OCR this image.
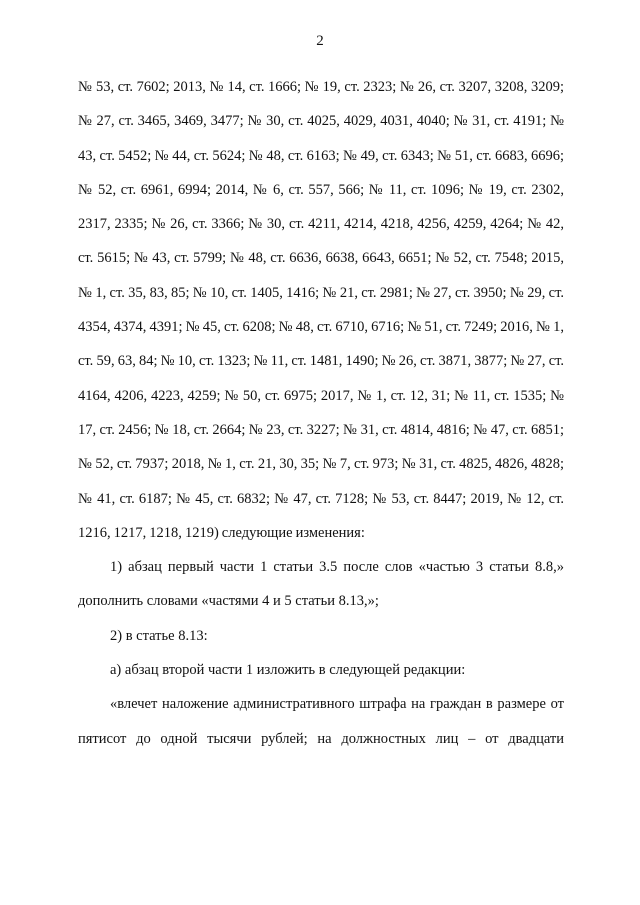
2

№ 53, ст. 7602; 2013, № 14, ст. 1666; № 19, ст. 2323; № 26, ст. 3207, 3208, 3209; № 27, ст. 3465, 3469, 3477; № 30, ст. 4025, 4029, 4031, 4040; № 31, ст. 4191; № 43, ст. 5452; № 44, ст. 5624; № 48, ст. 6163; № 49, ст. 6343; № 51, ст. 6683, 6696; № 52, ст. 6961, 6994; 2014, № 6, ст. 557, 566; № 11, ст. 1096; № 19, ст. 2302, 2317, 2335; № 26, ст. 3366; № 30, ст. 4211, 4214, 4218, 4256, 4259, 4264; № 42, ст. 5615; № 43, ст. 5799; № 48, ст. 6636, 6638, 6643, 6651; № 52, ст. 7548; 2015, № 1, ст. 35, 83, 85; № 10, ст. 1405, 1416; № 21, ст. 2981; № 27, ст. 3950; № 29, ст. 4354, 4374, 4391; № 45, ст. 6208; № 48, ст. 6710, 6716; № 51, ст. 7249; 2016, № 1, ст. 59, 63, 84; № 10, ст. 1323; № 11, ст. 1481, 1490; № 26, ст. 3871, 3877; № 27, ст. 4164, 4206, 4223, 4259; № 50, ст. 6975; 2017, № 1, ст. 12, 31; № 11, ст. 1535; № 17, ст. 2456; № 18, ст. 2664; № 23, ст. 3227; № 31, ст. 4814, 4816; № 47, ст. 6851; № 52, ст. 7937; 2018, № 1, ст. 21, 30, 35; № 7, ст. 973; № 31, ст. 4825, 4826, 4828; № 41, ст. 6187; № 45, ст. 6832; № 47, ст. 7128; № 53, ст. 8447; 2019, № 12, ст. 1216, 1217, 1218, 1219) следующие изменения:

1) абзац первый части 1 статьи 3.5 после слов «частью 3 статьи 8.8,» дополнить словами «частями 4 и 5 статьи 8.13,»;

2) в статье 8.13:

а) абзац второй части 1 изложить в следующей редакции:

«влечет наложение административного штрафа на граждан в размере от пятисот до одной тысячи рублей; на должностных лиц – от двадцати
